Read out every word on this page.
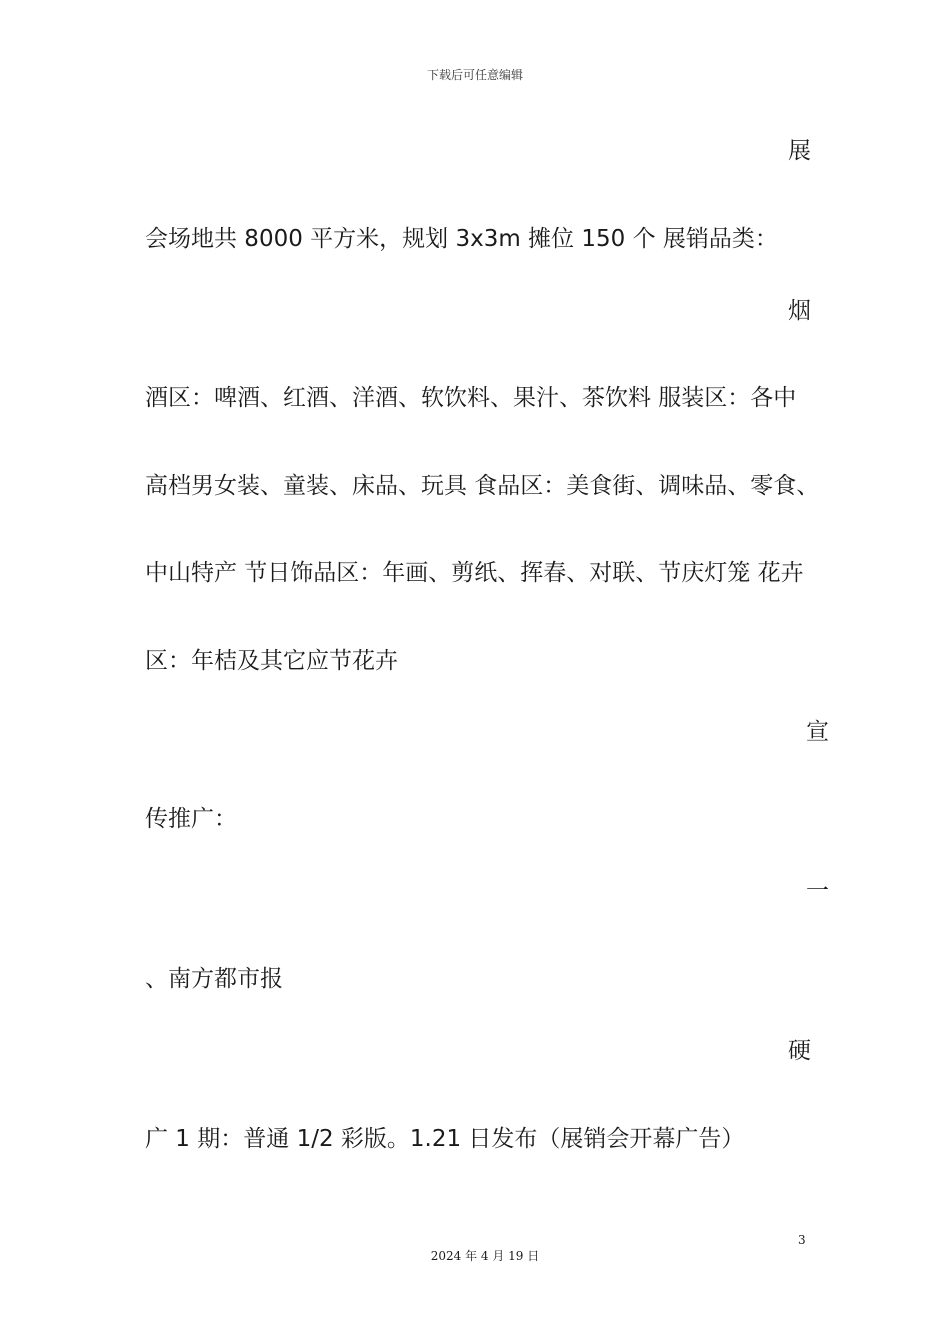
下载后可任意编辑
展
会场地共 8000 平方米，规划 3x3m 摊位 150 个 展销品类：
烟
酒区：啤酒、红酒、洋酒、软饮料、果汁、茶饮料 服装区：各中
高档男女装、童装、床品、玩具 食品区：美食街、调味品、零食、
中山特产 节日饰品区：年画、剪纸、挥春、对联、节庆灯笼 花卉
区：年桔及其它应节花卉
宣
传推广：
一
、南方都市报
硬
广 1 期：普通 1/2 彩版。1.21 日发布（展销会开幕广告）
3
2024 年 4 月 19 日
